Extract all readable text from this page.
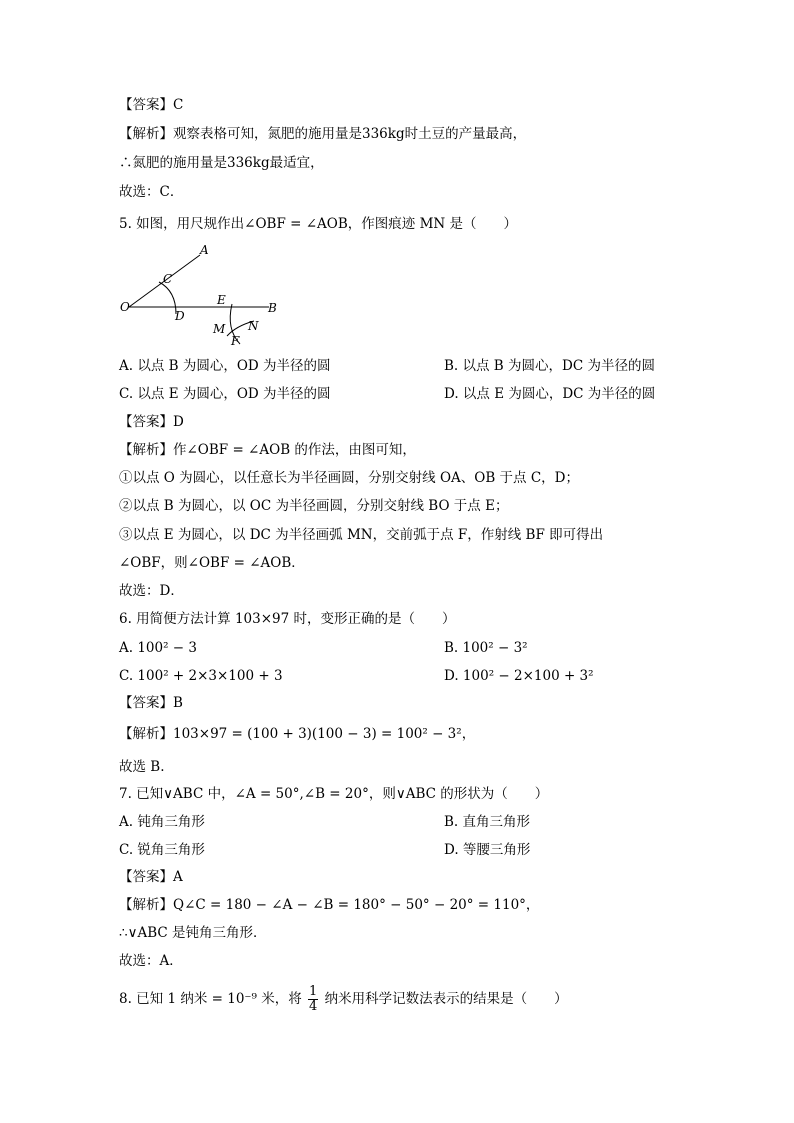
【答案】C
【解析】观察表格可知，氮肥的施用量是336kg时土豆的产量最高，
∴氮肥的施用量是336kg最适宜，
故选：C．
5. 如图，用尺规作出∠OBF = ∠AOB，作图痕迹 MN 是（　　）
O
A
C
D
E
B
M N
F
A. 以点 B 为圆心，OD 为半径的圆	B. 以点 B 为圆心，DC 为半径的圆
C. 以点 E 为圆心，OD 为半径的圆	D. 以点 E 为圆心，DC 为半径的圆
【答案】D
【解析】作∠OBF = ∠AOB 的作法，由图可知，
①以点 O 为圆心，以任意长为半径画圆，分别交射线 OA、OB 于点 C，D；
②以点 B 为圆心，以 OC 为半径画圆，分别交射线 BO 于点 E；
③以点 E 为圆心，以 DC 为半径画弧 MN，交前弧于点 F，作射线 BF 即可得出
∠OBF，则∠OBF = ∠AOB．
故选：D．
6. 用简便方法计算 103×97 时，变形正确的是（　　）
A. 100² − 3	B. 100² − 3²
C. 100² + 2×3×100 + 3	D. 100² − 2×100 + 3²
【答案】B
【解析】103×97 = (100 + 3)(100 − 3) = 100² − 3²，
故选 B.
7. 已知∨ABC 中，∠A = 50°,∠B = 20°，则∨ABC 的形状为（　　）
A. 钝角三角形	B. 直角三角形
C. 锐角三角形	D. 等腰三角形
【答案】A
【解析】Q∠C = 180 − ∠A − ∠B = 180° − 50° − 20° = 110°，
∴∨ABC 是钝角三角形．
故选：A．
8. 已知 1 纳米 = 10⁻⁹ 米，将 $\frac{1}{4}$ 纳米用科学记数法表示的结果是（　　）
